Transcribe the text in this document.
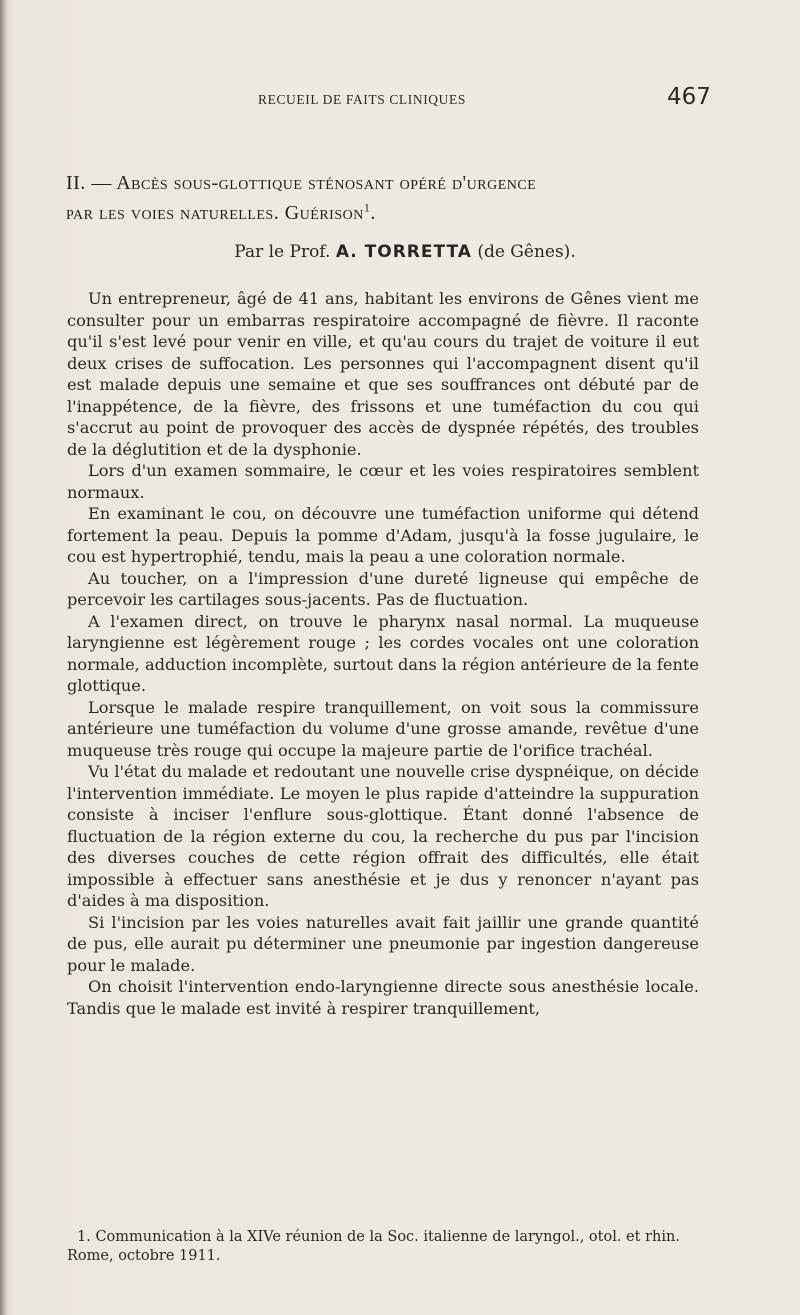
RECUEIL DE FAITS CLINIQUES	467
II. — Abcès sous-glottique sténosant opéré d'urgence
par les voies naturelles. Guérison$^1$.
Par le Prof. A. TORRETTA (de Gênes).

Un entrepreneur, âgé de 41 ans, habitant les environs de Gênes vient me consulter pour un embarras respiratoire accompagné de fièvre. Il raconte qu'il s'est levé pour venir en ville, et qu'au cours du trajet de voiture il eut deux crises de suffocation. Les personnes qui l'accompagnent disent qu'il est malade depuis une semaine et que ses souffrances ont débuté par de l'inappétence, de la fièvre, des frissons et une tuméfaction du cou qui s'accrut au point de provoquer des accès de dyspnée répétés, des troubles de la déglutition et de la dysphonie.

Lors d'un examen sommaire, le cœur et les voies respiratoires semblent normaux.

En examinant le cou, on découvre une tuméfaction uniforme qui détend fortement la peau. Depuis la pomme d'Adam, jusqu'à la fosse jugulaire, le cou est hypertrophié, tendu, mais la peau a une coloration normale.

Au toucher, on a l'impression d'une dureté ligneuse qui empêche de percevoir les cartilages sous-jacents. Pas de fluctuation.

A l'examen direct, on trouve le pharynx nasal normal. La muqueuse laryngienne est légèrement rouge ; les cordes vocales ont une coloration normale, adduction incomplète, surtout dans la région antérieure de la fente glottique.

Lorsque le malade respire tranquillement, on voit sous la commissure antérieure une tuméfaction du volume d'une grosse amande, revêtue d'une muqueuse très rouge qui occupe la majeure partie de l'orifice trachéal.

Vu l'état du malade et redoutant une nouvelle crise dyspnéique, on décide l'intervention immédiate. Le moyen le plus rapide d'atteindre la suppuration consiste à inciser l'enflure sous-glottique. Étant donné l'absence de fluctuation de la région externe du cou, la recherche du pus par l'incision des diverses couches de cette région offrait des difficultés, elle était impossible à effectuer sans anesthésie et je dus y renoncer n'ayant pas d'aides à ma disposition.

Si l'incision par les voies naturelles avait fait jaillir une grande quantité de pus, elle aurait pu déterminer une pneumonie par ingestion dangereuse pour le malade.

On choisit l'intervention endo-laryngienne directe sous anesthésie locale. Tandis que le malade est invité à respirer tranquillement,

1. Communication à la XIVe réunion de la Soc. italienne de laryngol., otol. et rhin. Rome, octobre 1911.
